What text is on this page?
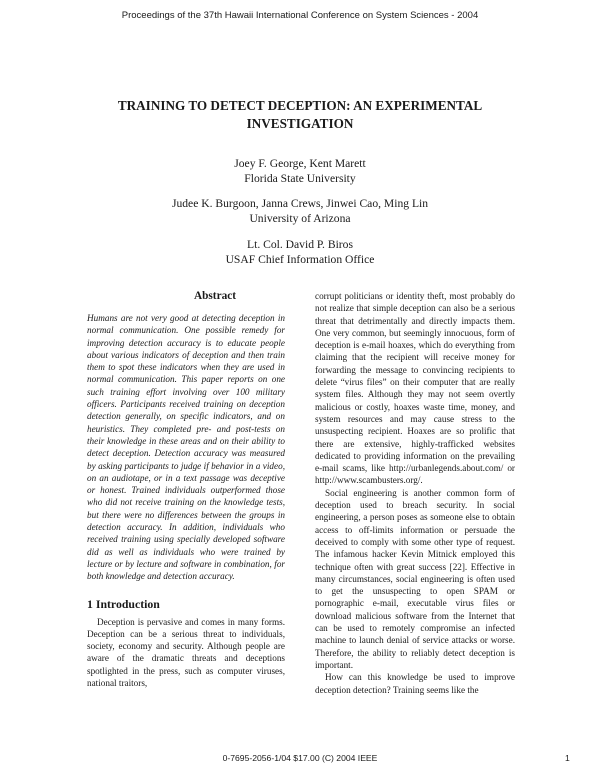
Proceedings of the 37th Hawaii International Conference on System Sciences - 2004
TRAINING TO DETECT DECEPTION: AN EXPERIMENTAL INVESTIGATION
Joey F. George, Kent Marett
Florida State University
Judee K. Burgoon, Janna Crews, Jinwei Cao, Ming Lin
University of Arizona
Lt. Col. David P. Biros
USAF Chief Information Office
Abstract

Humans are not very good at detecting deception in normal communication. One possible remedy for improving detection accuracy is to educate people about various indicators of deception and then train them to spot these indicators when they are used in normal communication. This paper reports on one such training effort involving over 100 military officers. Participants received training on deception detection generally, on specific indicators, and on heuristics. They completed pre- and post-tests on their knowledge in these areas and on their ability to detect deception. Detection accuracy was measured by asking participants to judge if behavior in a video, on an audiotape, or in a text passage was deceptive or honest. Trained individuals outperformed those who did not receive training on the knowledge tests, but there were no differences between the groups in detection accuracy. In addition, individuals who received training using specially developed software did as well as individuals who were trained by lecture or by lecture and software in combination, for both knowledge and detection accuracy.

1 Introduction

Deception is pervasive and comes in many forms. Deception can be a serious threat to individuals, society, economy and security. Although people are aware of the dramatic threats and deceptions spotlighted in the press, such as computer viruses, national traitors,

corrupt politicians or identity theft, most probably do not realize that simple deception can also be a serious threat that detrimentally and directly impacts them. One very common, but seemingly innocuous, form of deception is e-mail hoaxes, which do everything from claiming that the recipient will receive money for forwarding the message to convincing recipients to delete “virus files” on their computer that are really system files. Although they may not seem overtly malicious or costly, hoaxes waste time, money, and system resources and may cause stress to the unsuspecting recipient. Hoaxes are so prolific that there are extensive, highly-trafficked websites dedicated to providing information on the prevailing e-mail scams, like http://urbanlegends.about.com/ or http://www.scambusters.org/.

Social engineering is another common form of deception used to breach security. In social engineering, a person poses as someone else to obtain access to off-limits information or persuade the deceived to comply with some other type of request. The infamous hacker Kevin Mitnick employed this technique often with great success [22]. Effective in many circumstances, social engineering is often used to get the unsuspecting to open SPAM or pornographic e-mail, executable virus files or download malicious software from the Internet that can be used to remotely compromise an infected machine to launch denial of service attacks or worse. Therefore, the ability to reliably detect deception is important.

How can this knowledge be used to improve deception detection? Training seems like the

0-7695-2056-1/04 $17.00 (C) 2004 IEEE	1
